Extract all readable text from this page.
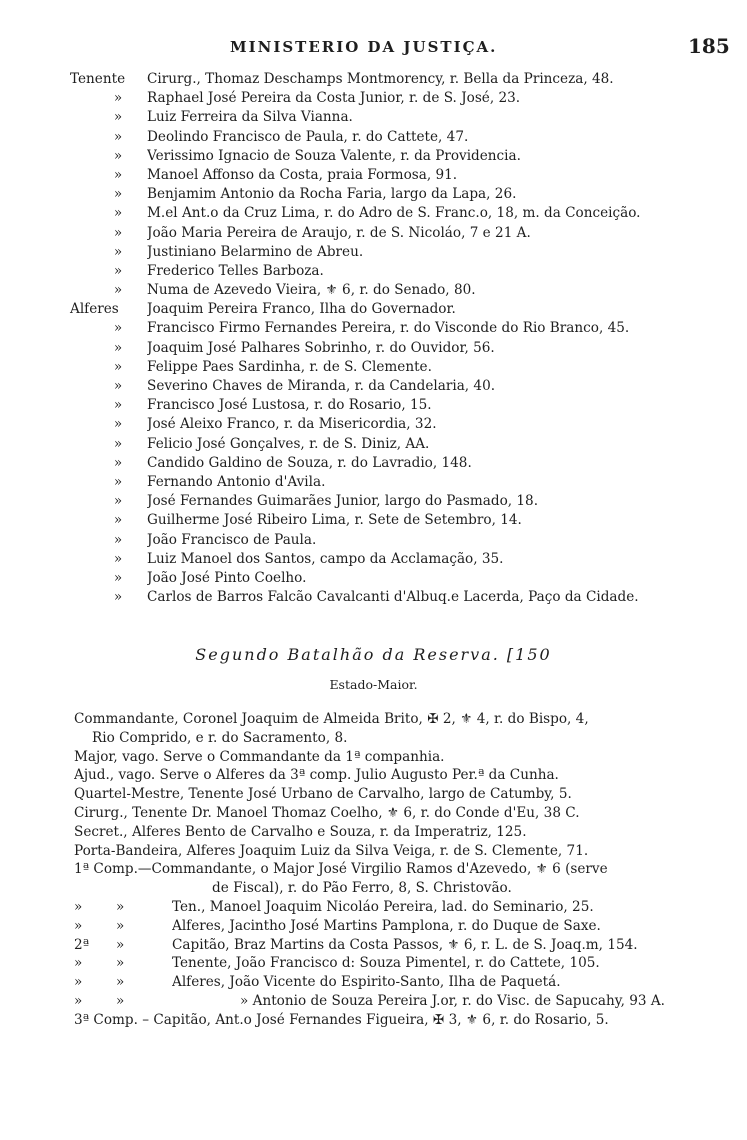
MINISTERIO DA JUSTIÇA.	185
Tenente	Cirurg., Thomaz Deschamps Montmorency, r. Bella da Princeza, 48.
»	Raphael José Pereira da Costa Junior, r. de S. José, 23.
»	Luiz Ferreira da Silva Vianna.
»	Deolindo Francisco de Paula, r. do Cattete, 47.
»	Verissimo Ignacio de Souza Valente, r. da Providencia.
»	Manoel Affonso da Costa, praia Formosa, 91.
»	Benjamim Antonio da Rocha Faria, largo da Lapa, 26.
»	M.el Ant.o da Cruz Lima, r. do Adro de S. Franc.o, 18, m. da Conceição.
»	João Maria Pereira de Araujo, r. de S. Nicoláo, 7 e 21 A.
»	Justiniano Belarmino de Abreu.
»	Frederico Telles Barboza.
»	Numa de Azevedo Vieira, ⚜ 6, r. do Senado, 80.
Alferes	Joaquim Pereira Franco, Ilha do Governador.
»	Francisco Firmo Fernandes Pereira, r. do Visconde do Rio Branco, 45.
»	Joaquim José Palhares Sobrinho, r. do Ouvidor, 56.
»	Felippe Paes Sardinha, r. de S. Clemente.
»	Severino Chaves de Miranda, r. da Candelaria, 40.
»	Francisco José Lustosa, r. do Rosario, 15.
»	José Aleixo Franco, r. da Misericordia, 32.
»	Felicio José Gonçalves, r. de S. Diniz, AA.
»	Candido Galdino de Souza, r. do Lavradio, 148.
»	Fernando Antonio d'Avila.
»	José Fernandes Guimarães Junior, largo do Pasmado, 18.
»	Guilherme José Ribeiro Lima, r. Sete de Setembro, 14.
»	João Francisco de Paula.
»	Luiz Manoel dos Santos, campo da Acclamação, 35.
»	João José Pinto Coelho.
»	Carlos de Barros Falcão Cavalcanti d'Albuq.e Lacerda, Paço da Cidade.
Segundo Batalhão da Reserva. [150
Estado-Maior.
Commandante, Coronel Joaquim de Almeida Brito, ✠ 2, ⚜ 4, r. do Bispo, 4,
Rio Comprido, e r. do Sacramento, 8.
Major, vago. Serve o Commandante da 1ª companhia.
Ajud., vago. Serve o Alferes da 3ª comp. Julio Augusto Per.ª da Cunha.
Quartel-Mestre, Tenente José Urbano de Carvalho, largo de Catumby, 5.
Cirurg., Tenente Dr. Manoel Thomaz Coelho, ⚜ 6, r. do Conde d'Eu, 38 C.
Secret., Alferes Bento de Carvalho e Souza, r. da Imperatriz, 125.
Porta-Bandeira, Alferes Joaquim Luiz da Silva Veiga, r. de S. Clemente, 71.
1ª Comp.—Commandante, o Major José Virgilio Ramos d'Azevedo, ⚜ 6 (serve
de Fiscal), r. do Pão Ferro, 8, S. Christovão.
»	»	Ten., Manoel Joaquim Nicoláo Pereira, lad. do Seminario, 25.
»	»	Alferes, Jacintho José Martins Pamplona, r. do Duque de Saxe.
2ª	»	Capitão, Braz Martins da Costa Passos, ⚜ 6, r. L. de S. Joaq.m, 154.
»	»	Tenente, João Francisco d: Souza Pimentel, r. do Cattete, 105.
»	»	Alferes, João Vicente do Espirito-Santo, Ilha de Paquetá.
»	»	» Antonio de Souza Pereira J.or, r. do Visc. de Sapucahy, 93 A.
3ª Comp. – Capitão, Ant.o José Fernandes Figueira, ✠ 3, ⚜ 6, r. do Rosario, 5.
